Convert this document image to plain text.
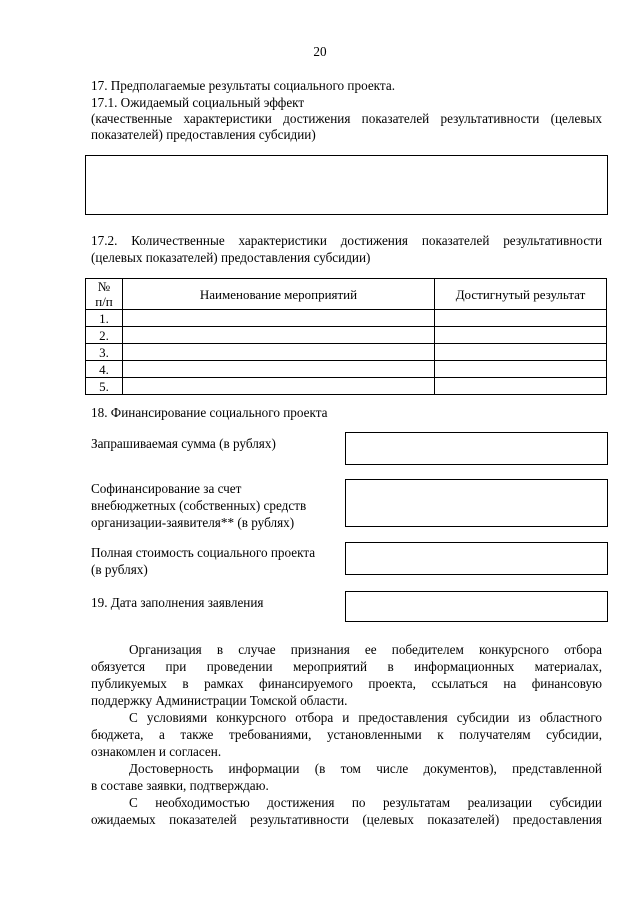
20
17. Предполагаемые результаты социального проекта.
17.1. Ожидаемый социальный эффект
(качественные характеристики достижения показателей результативности (целевых
показателей) предоставления субсидии)
17.2. Количественные характеристики достижения показателей результативности
(целевых показателей) предоставления субсидии)
№
п/п	Наименование мероприятий	Достигнутый результат
1.		
2.		
3.		
4.		
5.		
18. Финансирование социального проекта
Запрашиваемая сумма (в рублях)
Софинансирование за счет
внебюджетных (собственных) средств
организации-заявителя** (в рублях)
Полная стоимость социального проекта
(в рублях)
19. Дата заполнения заявления
Организация в случае признания ее победителем конкурсного отбора
обязуется при проведении мероприятий в информационных материалах,
публикуемых в рамках финансируемого проекта, ссылаться на финансовую
поддержку Администрации Томской области.
С условиями конкурсного отбора и предоставления субсидии из областного
бюджета, а также требованиями, установленными к получателям субсидии,
ознакомлен и согласен.
Достоверность информации (в том числе документов), представленной
в составе заявки, подтверждаю.
С необходимостью достижения по результатам реализации субсидии
ожидаемых показателей результативности (целевых показателей) предоставления
